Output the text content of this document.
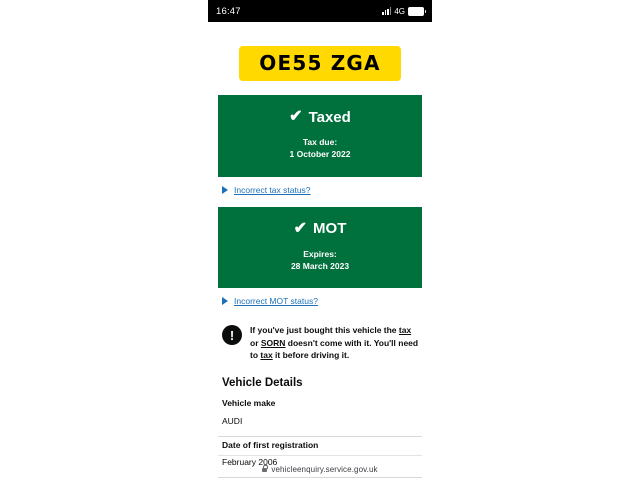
16:47	4G
OE55 ZGA
✔ Taxed
Tax due:
1 October 2022
Incorrect tax status?
✔ MOT
Expires:
28 March 2023
Incorrect MOT status?
!	If you've just bought this vehicle the tax or SORN doesn't come with it. You'll need to tax it before driving it.
Vehicle Details
Vehicle make
AUDI
Date of first registration
February 2006
vehicleenquiry.service.gov.uk
